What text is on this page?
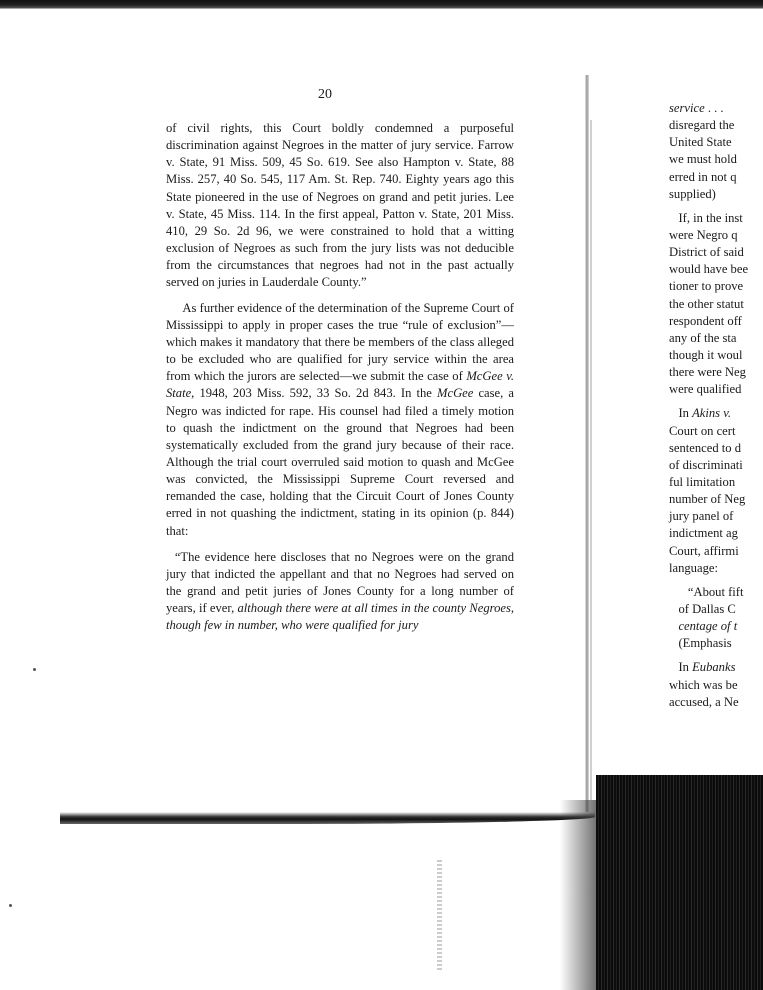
20

of civil rights, this Court boldly condemned a purposeful discrimination against Negroes in the matter of jury service. Farrow v. State, 91 Miss. 509, 45 So. 619. See also Hampton v. State, 88 Miss. 257, 40 So. 545, 117 Am. St. Rep. 740. Eighty years ago this State pioneered in the use of Negroes on grand and petit juries. Lee v. State, 45 Miss. 114. In the first appeal, Patton v. State, 201 Miss. 410, 29 So. 2d 96, we were constrained to hold that a witting exclusion of Negroes as such from the jury lists was not deducible from the circumstances that negroes had not in the past actually served on juries in Lauderdale County.”

As further evidence of the determination of the Supreme Court of Mississippi to apply in proper cases the true “rule of exclusion”—which makes it mandatory that there be members of the class alleged to be excluded who are qualified for jury service within the area from which the jurors are selected—we submit the case of McGee v. State, 1948, 203 Miss. 592, 33 So. 2d 843. In the McGee case, a Negro was indicted for rape. His counsel had filed a timely motion to quash the indictment on the ground that Negroes had been systematically excluded from the grand jury because of their race. Although the trial court overruled said motion to quash and McGee was convicted, the Mississippi Supreme Court reversed and remanded the case, holding that the Circuit Court of Jones County erred in not quashing the indictment, stating in its opinion (p. 844) that:

“The evidence here discloses that no Negroes were on the grand jury that indicted the appellant and that no Negroes had served on the grand and petit juries of Jones County for a long number of years, if ever, although there were at all times in the county Negroes, though few in number, who were qualified for jury

service . . .
disregard the
United State
we must hold
erred in not q
supplied)
If, in the inst
were Negro q
District of said
would have bee
tioner to prove
the other statut
respondent off
any of the sta
though it woul
there were Neg
were qualified
In Akins v.
Court on cert
sentenced to d
of discriminati
ful limitation
number of Neg
jury panel of
indictment ag
Court, affirmi
language:
“About fift
of Dallas C
centage of t
(Emphasis
In Eubanks
which was be
accused, a Ne
